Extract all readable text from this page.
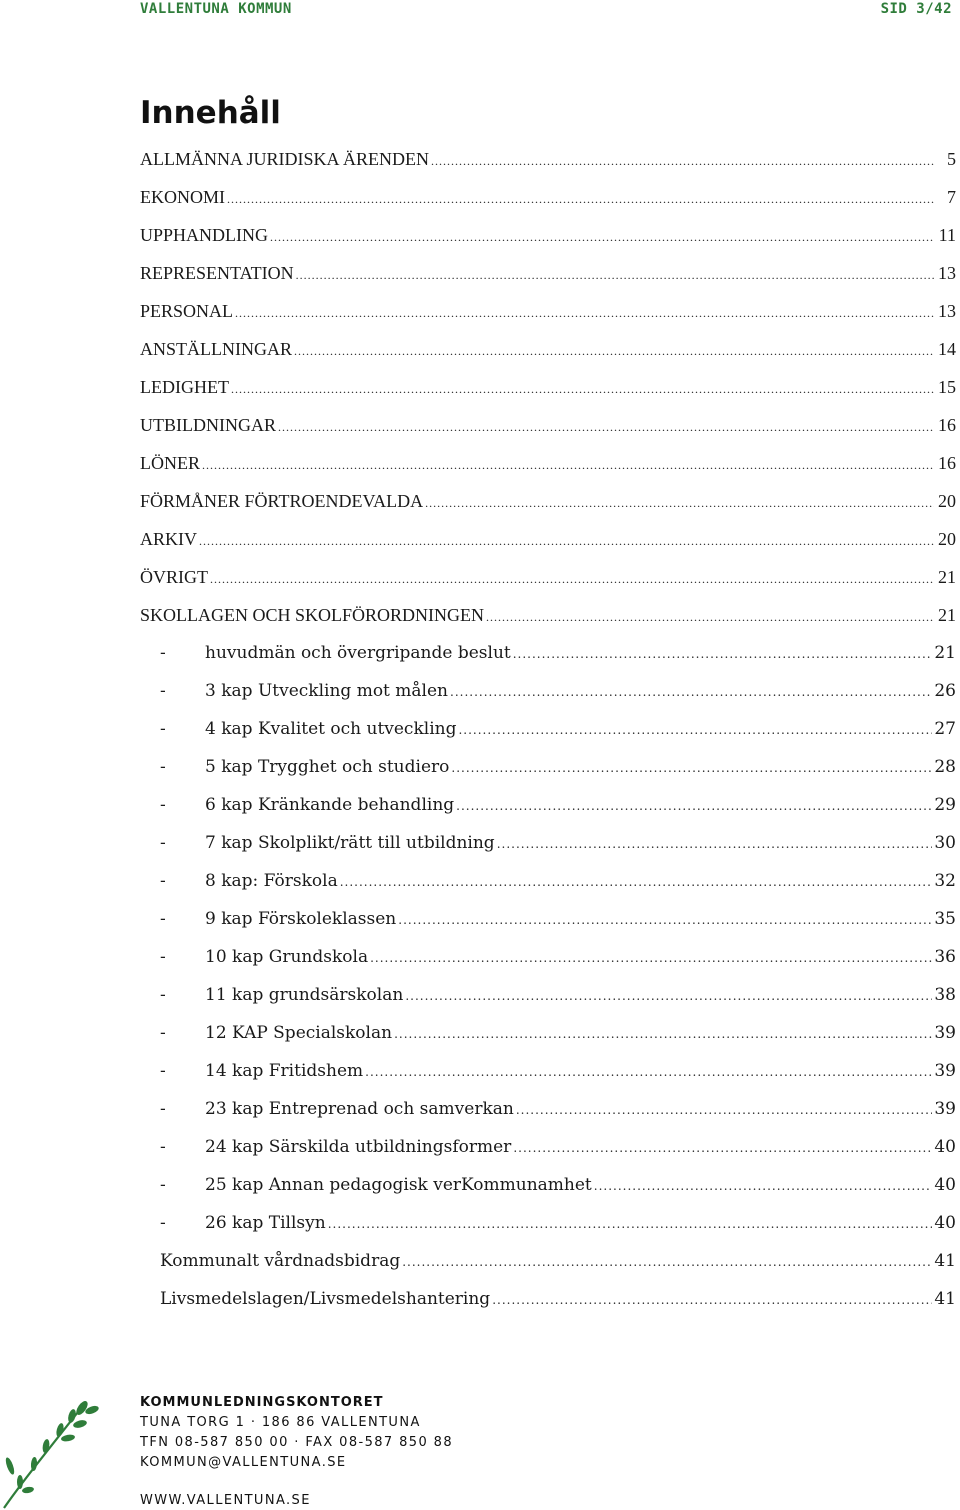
VALLENTUNA KOMMUN	SID 3/42
Innehåll
ALLMÄNNA JURIDISKA ÄRENDEN .....	5
EKONOMI .....	7
UPPHANDLING .....	11
REPRESENTATION .....	13
PERSONAL .....	13
ANSTÄLLNINGAR .....	14
LEDIGHET .....	15
UTBILDNINGAR .....	16
LÖNER .....	16
FÖRMÅNER FÖRTROENDEVALDA .....	20
ARKIV .....	20
ÖVRIGT .....	21
SKOLLAGEN OCH SKOLFÖRORDNINGEN .....	21
-	huvudmän och övergripande beslut .....	21
-	3 kap Utveckling mot målen .....	26
-	4 kap Kvalitet och utveckling .....	27
-	5 kap Trygghet och studiero .....	28
-	6 kap Kränkande behandling .....	29
-	7 kap Skolplikt/rätt till utbildning .....	30
-	8 kap: Förskola .....	32
-	9 kap Förskoleklassen .....	35
-	10 kap Grundskola .....	36
-	11 kap grundsärskolan .....	38
-	12 KAP Specialskolan .....	39
-	14 kap Fritidshem .....	39
-	23 kap Entreprenad och samverkan .....	39
-	24 kap Särskilda utbildningsformer .....	40
-	25 kap Annan pedagogisk verKommunamhet .....	40
-	26 kap Tillsyn .....	40
Kommunalt vårdnadsbidrag .....	41
Livsmedelslagen/Livsmedelshantering .....	41
KOMMUNLEDNINGSKONTORET
TUNA TORG 1 · 186 86 VALLENTUNA
TFN 08-587 850 00 · FAX 08-587 850 88
KOMMUN@VALLENTUNA.SE
WWW.VALLENTUNA.SE
